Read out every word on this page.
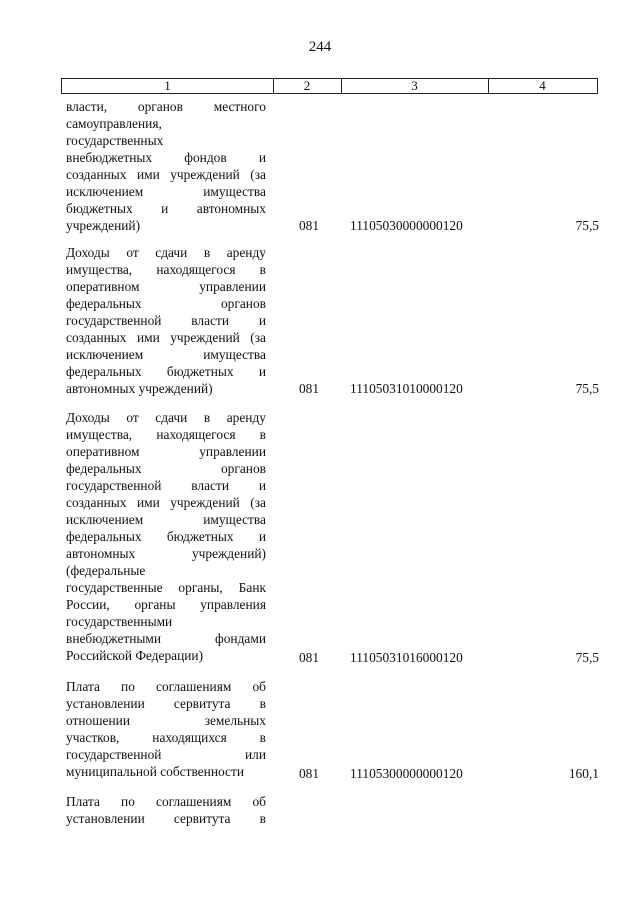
244
1	2	3	4
власти, органов местного
самоуправления,
государственных
внебюджетных фондов и
созданных ими учреждений (за
исключением имущества
бюджетных и автономных
учреждений)	081	11105030000000120	75,5
Доходы от сдачи в аренду
имущества, находящегося в
оперативном управлении
федеральных органов
государственной власти и
созданных ими учреждений (за
исключением имущества
федеральных бюджетных и
автономных учреждений)	081	11105031010000120	75,5
Доходы от сдачи в аренду
имущества, находящегося в
оперативном управлении
федеральных органов
государственной власти и
созданных ими учреждений (за
исключением имущества
федеральных бюджетных и
автономных учреждений)
(федеральные
государственные органы, Банк
России, органы управления
государственными
внебюджетными фондами
Российской Федерации)	081	11105031016000120	75,5
Плата по соглашениям об
установлении сервитута в
отношении земельных
участков, находящихся в
государственной или
муниципальной собственности	081	11105300000000120	160,1
Плата по соглашениям об
установлении сервитута в
